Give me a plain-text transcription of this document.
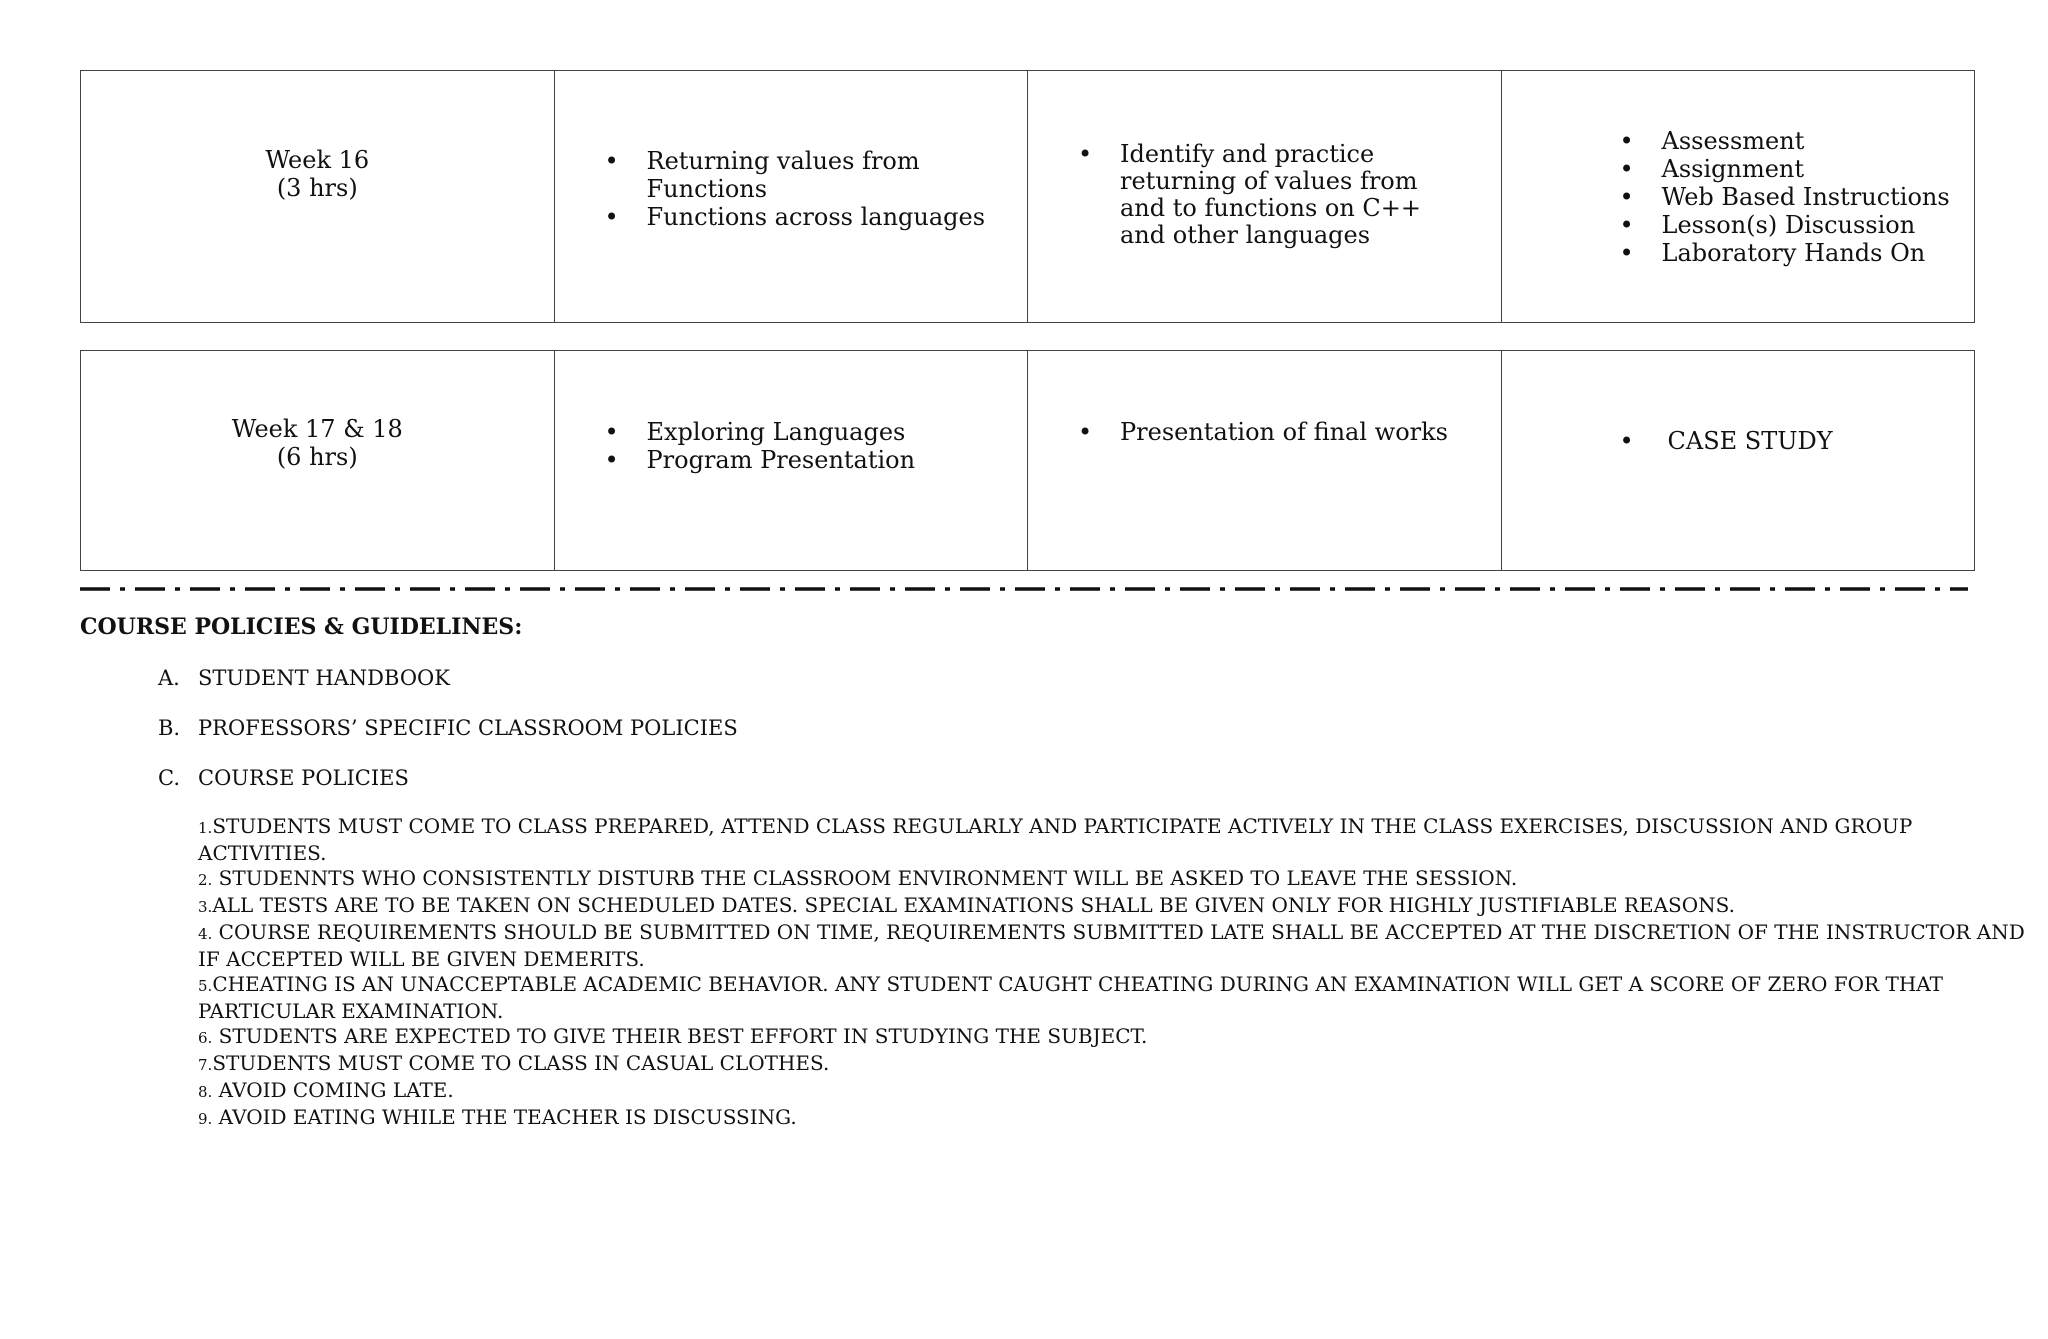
Week 16
(3 hrs)

• Returning values from Functions
• Functions across languages

• Identify and practice returning of values from and to functions on C++ and other languages

• Assessment
• Assignment
• Web Based Instructions
• Lesson(s) Discussion
• Laboratory Hands On
Week 17 & 18
(6 hrs)

• Exploring Languages
• Program Presentation

• Presentation of final works

•CASE STUDY

COURSE POLICIES & GUIDELINES:

A. STUDENT HANDBOOK
B. PROFESSORS’ SPECIFIC CLASSROOM POLICIES
C. COURSE POLICIES
1.STUDENTS MUST COME TO CLASS PREPARED, ATTEND CLASS REGULARLY AND PARTICIPATE ACTIVELY IN THE CLASS EXERCISES, DISCUSSION AND GROUP ACTIVITIES.
2. STUDENNTS WHO CONSISTENTLY DISTURB THE CLASSROOM ENVIRONMENT WILL BE ASKED TO LEAVE THE SESSION.
3.ALL TESTS ARE TO BE TAKEN ON SCHEDULED DATES. SPECIAL EXAMINATIONS SHALL BE GIVEN ONLY FOR HIGHLY JUSTIFIABLE REASONS.
4. COURSE REQUIREMENTS SHOULD BE SUBMITTED ON TIME, REQUIREMENTS SUBMITTED LATE SHALL BE ACCEPTED AT THE DISCRETION OF THE INSTRUCTOR AND IF ACCEPTED WILL BE GIVEN DEMERITS.
5.CHEATING IS AN UNACCEPTABLE ACADEMIC BEHAVIOR. ANY STUDENT CAUGHT CHEATING DURING AN EXAMINATION WILL GET A SCORE OF ZERO FOR THAT PARTICULAR EXAMINATION.
6. STUDENTS ARE EXPECTED TO GIVE THEIR BEST EFFORT IN STUDYING THE SUBJECT.
7.STUDENTS MUST COME TO CLASS IN CASUAL CLOTHES.
8. AVOID COMING LATE.
9. AVOID EATING WHILE THE TEACHER IS DISCUSSING.
